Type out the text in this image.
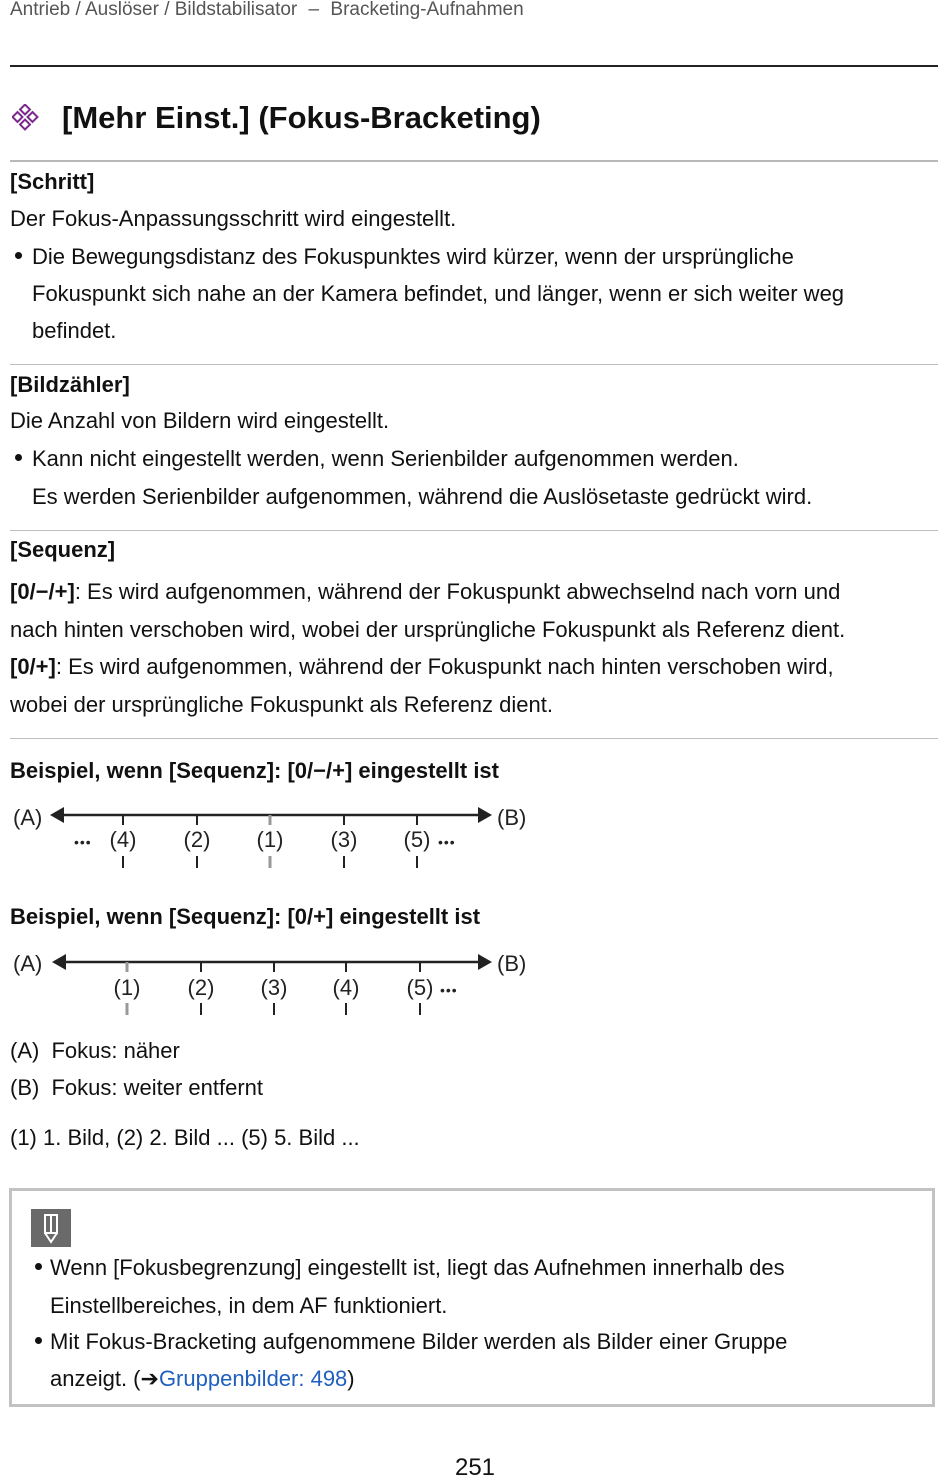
Antrieb / Auslöser / Bildstabilisator – Bracketing-Aufnahmen
[Mehr Einst.] (Fokus-Bracketing)
[Schritt]
Der Fokus-Anpassungsschritt wird eingestellt.
Die Bewegungsdistanz des Fokuspunktes wird kürzer, wenn der ursprüngliche
Fokuspunkt sich nahe an der Kamera befindet, und länger, wenn er sich weiter weg
befindet.
[Bildzähler]
Die Anzahl von Bildern wird eingestellt.
Kann nicht eingestellt werden, wenn Serienbilder aufgenommen werden.
Es werden Serienbilder aufgenommen, während die Auslösetaste gedrückt wird.
[Sequenz]
[0/−/+]: Es wird aufgenommen, während der Fokuspunkt abwechselnd nach vorn und
nach hinten verschoben wird, wobei der ursprüngliche Fokuspunkt als Referenz dient.
[0/+]: Es wird aufgenommen, während der Fokuspunkt nach hinten verschoben wird,
wobei der ursprüngliche Fokuspunkt als Referenz dient.
Beispiel, wenn [Sequenz]: [0/−/+] eingestellt ist
(A)	(B)
••• (4) (2) (1) (3) (5) •••
Beispiel, wenn [Sequenz]: [0/+] eingestellt ist
(A)	(B)
(1) (2) (3) (4) (5) •••
(A) Fokus: näher
(B) Fokus: weiter entfernt
(1) 1. Bild, (2) 2. Bild ... (5) 5. Bild ...
Wenn [Fokusbegrenzung] eingestellt ist, liegt das Aufnehmen innerhalb des
Einstellbereiches, in dem AF funktioniert.
Mit Fokus-Bracketing aufgenommene Bilder werden als Bilder einer Gruppe
anzeigt. (➔Gruppenbilder: 498)
251
